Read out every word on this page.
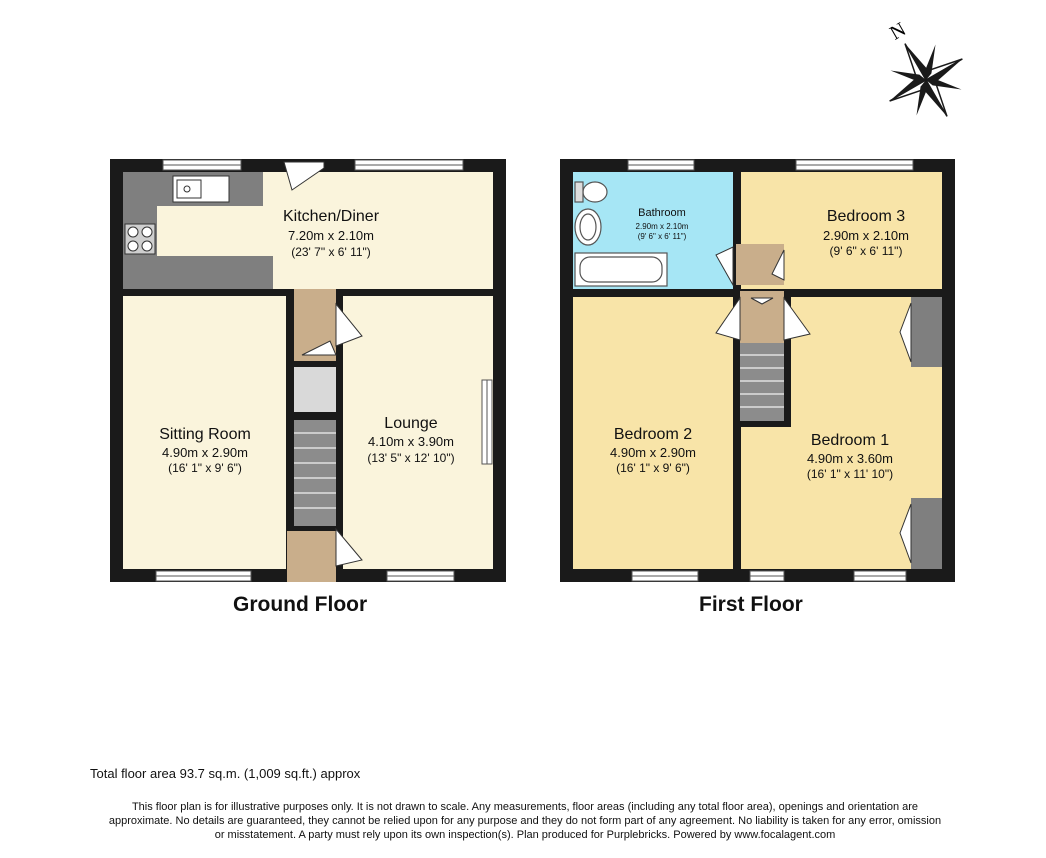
N
Kitchen/Diner
7.20m x 2.10m
(23' 7" x 6' 11")
Sitting Room
4.90m x 2.90m
(16' 1" x 9' 6")
Lounge
4.10m x 3.90m
(13' 5" x 12' 10")
Bathroom
2.90m x 2.10m
(9' 6" x 6' 11")
Bedroom 3
2.90m x 2.10m
(9' 6" x 6' 11")
Bedroom 2
4.90m x 2.90m
(16' 1" x 9' 6")
Bedroom 1
4.90m x 3.60m
(16' 1" x 11' 10")
Ground Floor	First Floor
Total floor area 93.7 sq.m. (1,009 sq.ft.) approx
This floor plan is for illustrative purposes only. It is not drawn to scale. Any measurements, floor areas (including any total floor area), openings and orientation are
approximate. No details are guaranteed, they cannot be relied upon for any purpose and they do not form part of any agreement. No liability is taken for any error, omission
or misstatement. A party must rely upon its own inspection(s). Plan produced for Purplebricks. Powered by www.focalagent.com
